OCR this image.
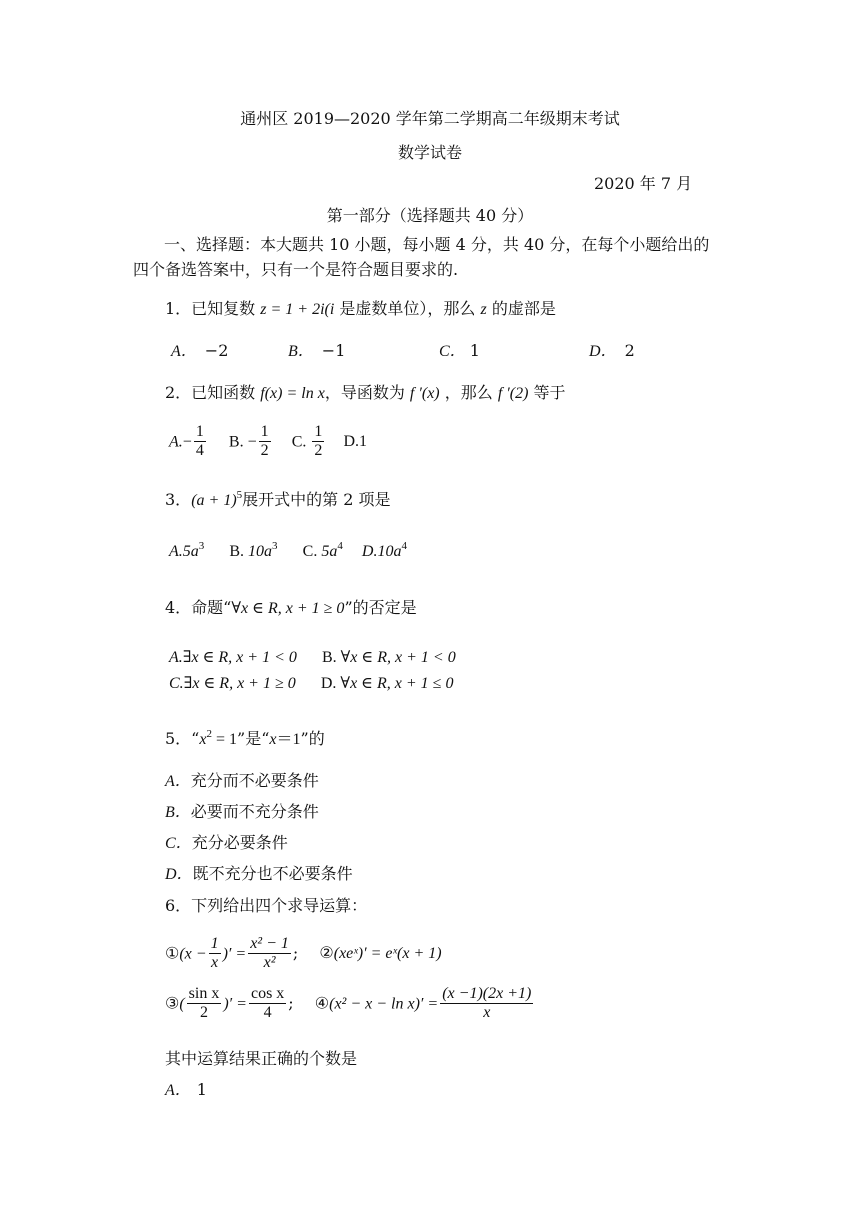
通州区 2019—2020 学年第二学期高二年级期末考试
数学试卷
2020 年 7 月
第一部分（选择题共 40 分）
一、选择题：本大题共 10 小题，每小题 4 分，共 40 分，在每个小题给出的
四个备选答案中，只有一个是符合题目要求的.
1．已知复数 z = 1 + 2i(i 是虚数单位），那么 z 的虚部是
A． −2	B． −1	C． 1	D． 2
2．已知函数 f(x) = ln x，导函数为 f ′(x) ，那么 f ′(2) 等于
$A.- \frac{1}{4} B$. − $\frac{1}{2} C$. $\frac{1}{2} D.1$
3．$(a + 1)^5$展开式中的第 2 项是
$A.5a^3$ B. $10a^3$ C. $5a^4$ $D.10a^4$
4．命题“∀x ∈ R, x + 1 ≥ 0”的否定是
A.∃x ∈ R, x + 1 < 0 B. ∀x ∈ R, x + 1 < 0
C.∃x ∈ R, x + 1 ≥ 0 D. ∀x ∈ R, x + 1 ≤ 0
5．“$x^2 = 1$”是“x＝1”的
A．充分而不必要条件
B．必要而不充分条件
C．充分必要条件
D．既不充分也不必要条件
6．下列给出四个求导运算：
①(x − $\frac{1}{x}$ )′ = $\frac{\text{x² − 1}}{\text{x²}}$ ; ②(xeˣ)′ = eˣ(x + 1)
③( $\frac{\text{sin x}}{2}$ )′ = $\frac{\text{cos x}}{4}$ ; ④(x² − $x - \ln x)' = \frac{(x -1)(2x +1)}{x}$
其中运算结果正确的个数是
A． 1
